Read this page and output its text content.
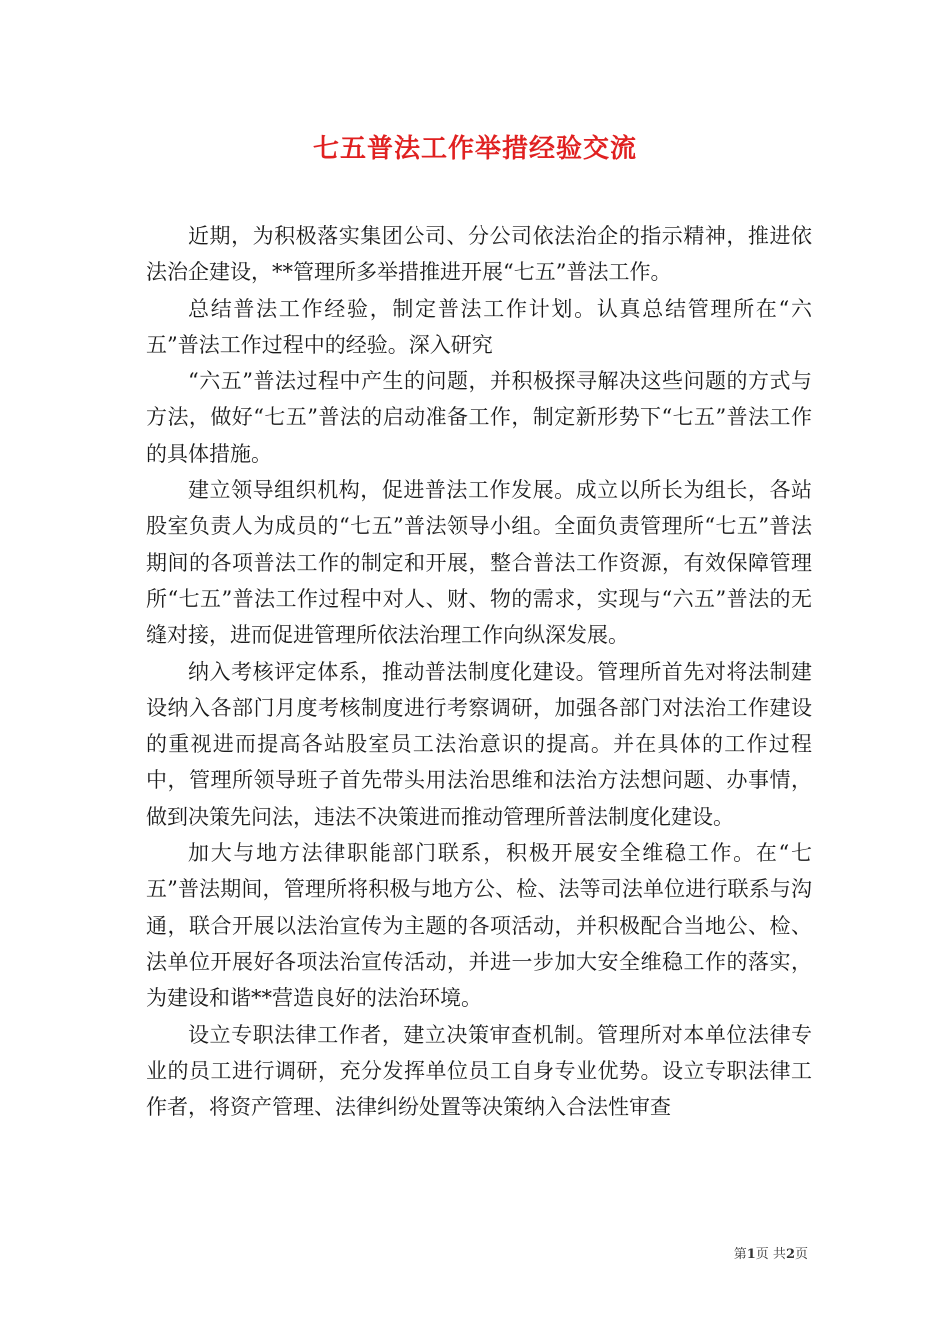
七五普法工作举措经验交流

近期，为积极落实集团公司、分公司依法治企的指示精神，推进依法治企建设，**管理所多举措推进开展“七五”普法工作。

总结普法工作经验，制定普法工作计划。认真总结管理所在“六五”普法工作过程中的经验。深入研究

“六五”普法过程中产生的问题，并积极探寻解决这些问题的方式与方法，做好“七五”普法的启动准备工作，制定新形势下“七五”普法工作的具体措施。

建立领导组织机构，促进普法工作发展。成立以所长为组长，各站股室负责人为成员的“七五”普法领导小组。全面负责管理所“七五”普法期间的各项普法工作的制定和开展，整合普法工作资源，有效保障管理所“七五”普法工作过程中对人、财、物的需求，实现与“六五”普法的无缝对接，进而促进管理所依法治理工作向纵深发展。

纳入考核评定体系，推动普法制度化建设。管理所首先对将法制建设纳入各部门月度考核制度进行考察调研，加强各部门对法治工作建设的重视进而提高各站股室员工法治意识的提高。并在具体的工作过程中，管理所领导班子首先带头用法治思维和法治方法想问题、办事情，做到决策先问法，违法不决策进而推动管理所普法制度化建设。

加大与地方法律职能部门联系，积极开展安全维稳工作。在“七五”普法期间，管理所将积极与地方公、检、法等司法单位进行联系与沟通，联合开展以法治宣传为主题的各项活动，并积极配合当地公、检、法单位开展好各项法治宣传活动，并进一步加大安全维稳工作的落实，为建设和谐**营造良好的法治环境。

设立专职法律工作者，建立决策审查机制。管理所对本单位法律专业的员工进行调研，充分发挥单位员工自身专业优势。设立专职法律工作者，将资产管理、法律纠纷处置等决策纳入合法性审查

第1页 共2页
